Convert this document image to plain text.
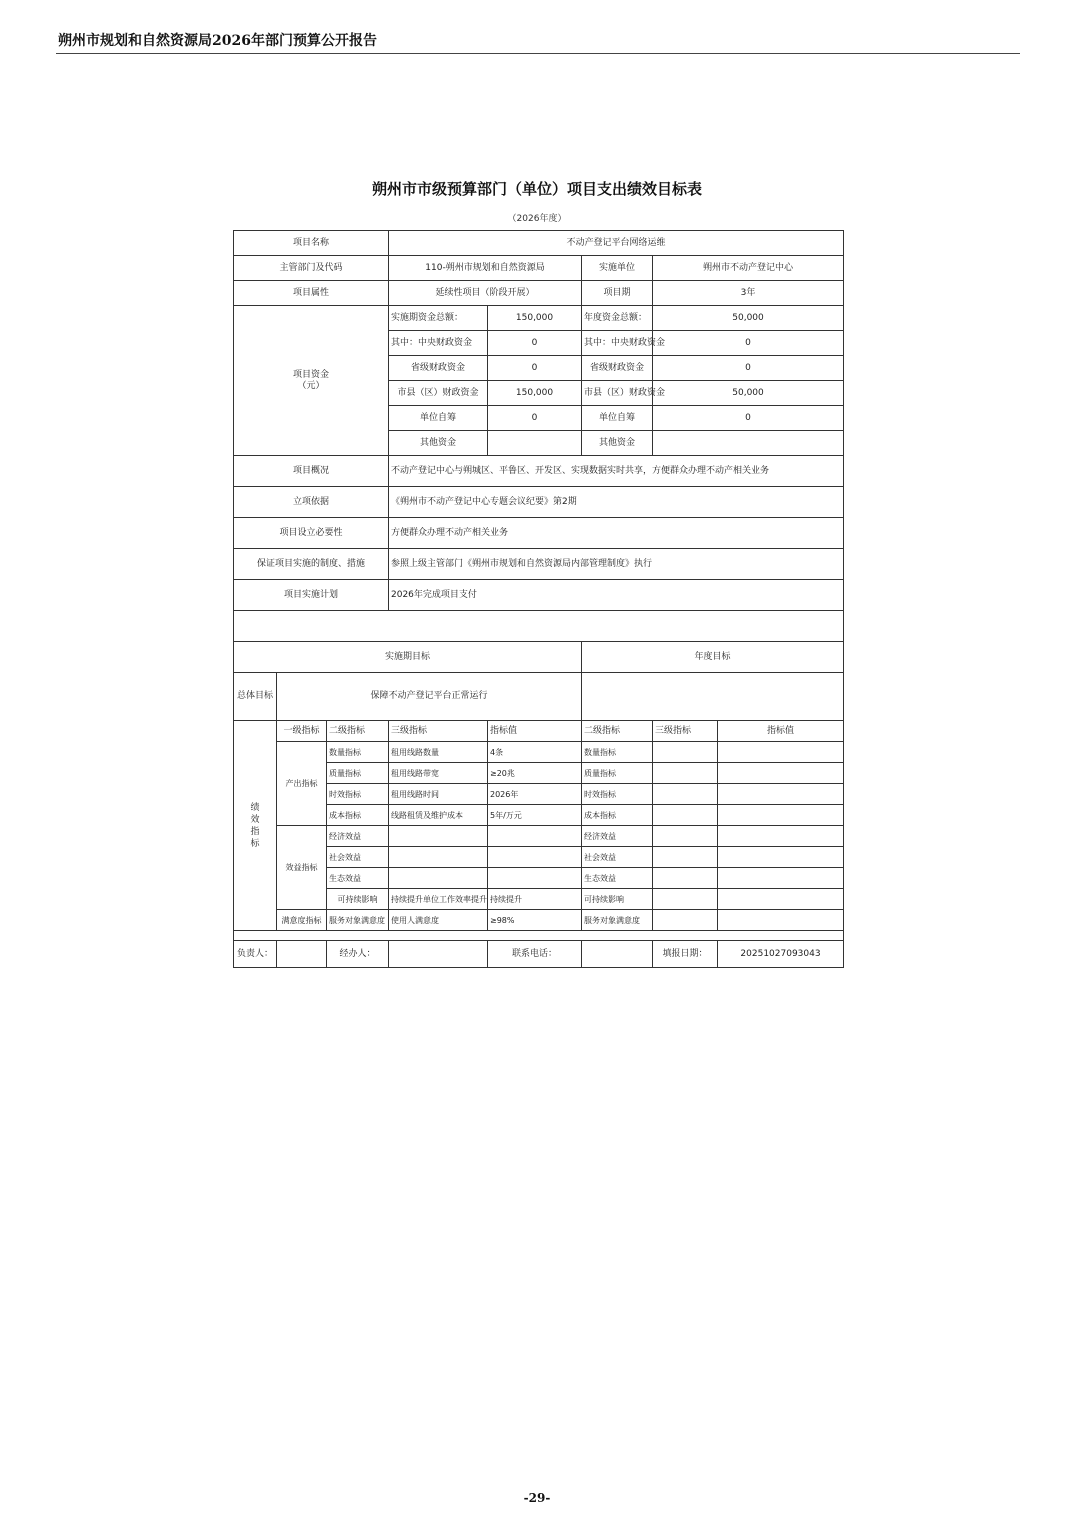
朔州市规划和自然资源局2026年部门预算公开报告
朔州市市级预算部门（单位）项目支出绩效目标表
（2026年度）
项目名称			不动产登记平台网络运维				
主管部门及代码			110-朔州市规划和自然资源局		实施单位	朔州市不动产登记中心	
项目属性			延续性项目（阶段开展）		项目期	3年	

项目资金
（元）			实施期资金总额：	150,000	年度资金总额：	50,000	
			其中：中央财政资金	0	其中：中央财政资金	0	
			省级财政资金	0	省级财政资金	0	
			市县（区）财政资金	150,000	市县（区）财政资金	50,000	
			单位自筹	0	单位自筹	0	
			其他资金		其他资金		
项目概况			不动产登记中心与朔城区、平鲁区、开发区、实现数据实时共享，方便群众办理不动产相关业务				
立项依据			《朔州市不动产登记中心专题会议纪要》第2期				
项目设立必要性			方便群众办理不动产相关业务				
保证项目实施的制度、措施			参照上级主管部门《朔州市规划和自然资源局内部管理制度》执行				
项目实施计划			2026年完成项目支付				

实施期目标					年度目标		
总体目标	保障不动产登记平台正常运行						

绩效指标	一级指标	二级指标	三级指标	指标值	二级指标	三级指标	指标值
	产出指标	数量指标	租用线路数量	4条	数量指标		
		质量指标	租用线路带宽	≥20兆	质量指标		
		时效指标	租用线路时间	2026年	时效指标		
		成本指标	线路租赁及维护成本	5年/万元	成本指标		
	效益指标	经济效益			经济效益		
		社会效益			社会效益		
		生态效益			生态效益		
		可持续影响	持续提升单位工作效率提升	持续提升	可持续影响		
	满意度指标	服务对象满意度	使用人满意度	≥98%	服务对象满意度		

负责人：		经办人：		联系电话：		填报日期：	20251027093043
-29-
